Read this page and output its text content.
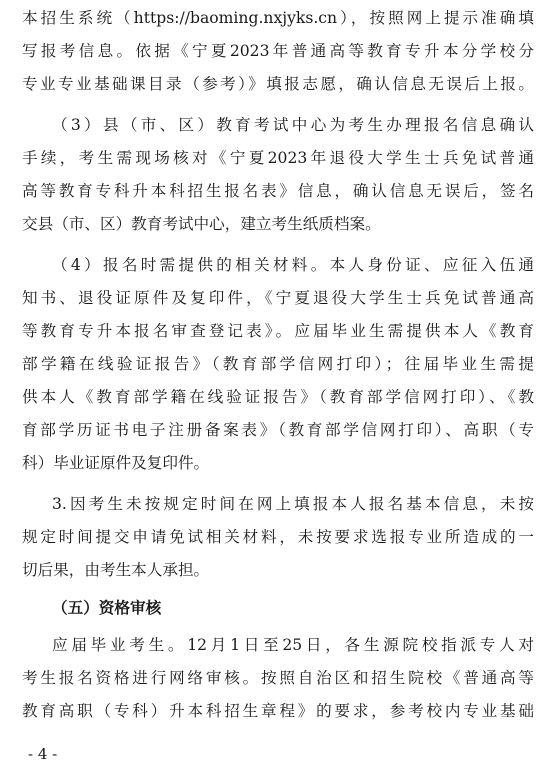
本招生系统（https://baoming.nxjyks.cn），按照网上提示准确填
写报考信息。依据《宁夏2023年普通高等教育专升本分学校分
专业专业基础课目录（参考）》填报志愿，确认信息无误后上报。
（3）县（市、区）教育考试中心为考生办理报名信息确认
手续，考生需现场核对《宁夏2023年退役大学生士兵免试普通
高等教育专科升本科招生报名表》信息，确认信息无误后，签名
交县（市、区）教育考试中心，建立考生纸质档案。
（4）报名时需提供的相关材料。本人身份证、应征入伍通
知书、退役证原件及复印件，《宁夏退役大学生士兵免试普通高
等教育专升本报名审查登记表》。应届毕业生需提供本人《教育
部学籍在线验证报告》（教育部学信网打印）；往届毕业生需提
供本人《教育部学籍在线验证报告》（教育部学信网打印）、《教
育部学历证书电子注册备案表》（教育部学信网打印）、高职（专
科）毕业证原件及复印件。
3.因考生未按规定时间在网上填报本人报名基本信息，未按
规定时间提交申请免试相关材料，未按要求选报专业所造成的一
切后果，由考生本人承担。
（五）资格审核
应届毕业考生。12月1日至25日，各生源院校指派专人对
考生报名资格进行网络审核。按照自治区和招生院校《普通高等
教育高职（专科）升本科招生章程》的要求，参考校内专业基础
- 4 -
